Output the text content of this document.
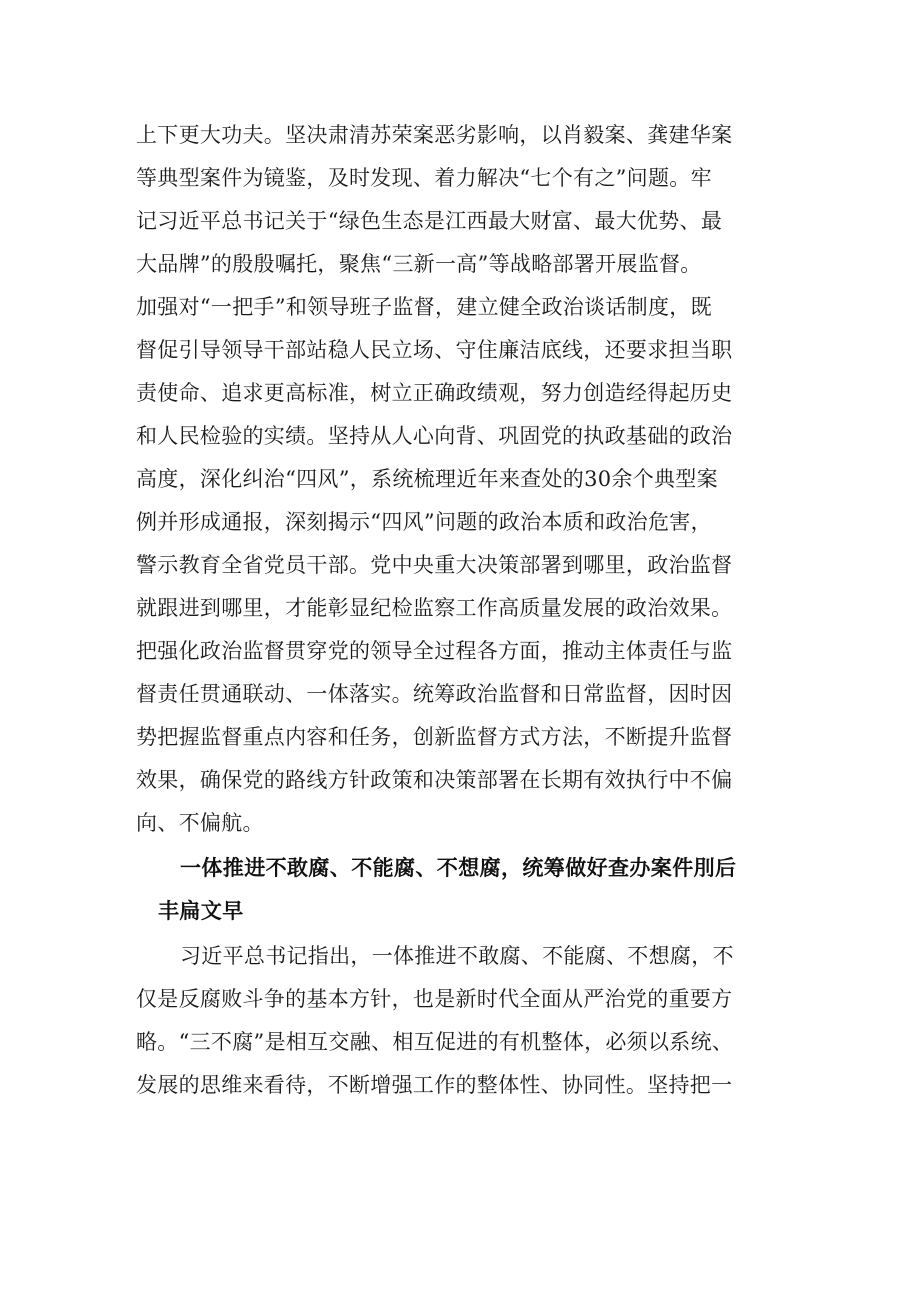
上下更大功夫。坚决肃清苏荣案恶劣影响，以肖毅案、龚建华案
等典型案件为镜鉴，及时发现、着力解决“七个有之”问题。牢
记习近平总书记关于“绿色生态是江西最大财富、最大优势、最
大品牌”的殷殷嘱托，聚焦“三新一高”等战略部署开展监督。
加强对“一把手”和领导班子监督，建立健全政治谈话制度，既
督促引导领导干部站稳人民立场、守住廉洁底线，还要求担当职
责使命、追求更高标准，树立正确政绩观，努力创造经得起历史
和人民检验的实绩。坚持从人心向背、巩固党的执政基础的政治
高度，深化纠治“四风”，系统梳理近年来查处的30余个典型案
例并形成通报，深刻揭示“四风”问题的政治本质和政治危害，
警示教育全省党员干部。党中央重大决策部署到哪里，政治监督
就跟进到哪里，才能彰显纪检监察工作高质量发展的政治效果。
把强化政治监督贯穿党的领导全过程各方面，推动主体责任与监
督责任贯通联动、一体落实。统筹政治监督和日常监督，因时因
势把握监督重点内容和任务，创新监督方式方法，不断提升监督
效果，确保党的路线方针政策和决策部署在长期有效执行中不偏
向、不偏航。
一体推进不敢腐、不能腐、不想腐，统筹做好查办案件刖后
丰扁文早
习近平总书记指出，一体推进不敢腐、不能腐、不想腐，不
仅是反腐败斗争的基本方针，也是新时代全面从严治党的重要方
略。“三不腐”是相互交融、相互促进的有机整体，必须以系统、
发展的思维来看待，不断增强工作的整体性、协同性。坚持把一
